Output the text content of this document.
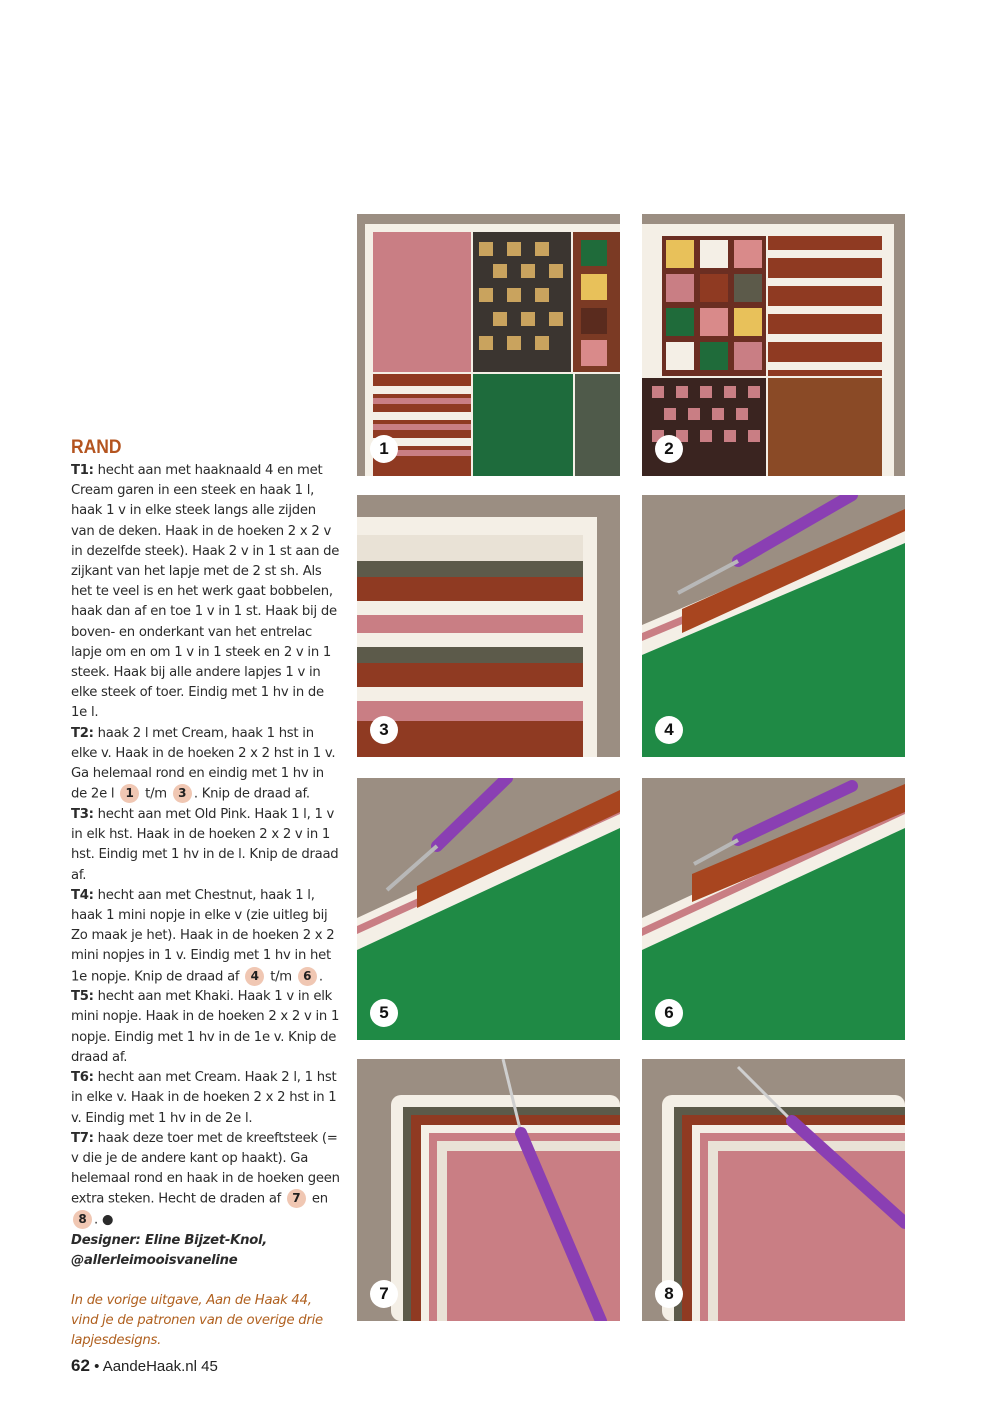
RAND

T1: hecht aan met haaknaald 4 en met Cream garen in een steek en haak 1 l, haak 1 v in elke steek langs alle zijden van de deken. Haak in de hoeken 2 x 2 v in dezelfde steek). Haak 2 v in 1 st aan de zijkant van het lapje met de 2 st sh. Als het te veel is en het werk gaat bobbelen, haak dan af en toe 1 v in 1 st. Haak bij de boven- en onderkant van het entrelac lapje om en om 1 v in 1 steek en 2 v in 1 steek. Haak bij alle andere lapjes 1 v in elke steek of toer. Eindig met 1 hv in de 1e l.

T2: haak 2 l met Cream, haak 1 hst in elke v. Haak in de hoeken 2 x 2 hst in 1 v. Ga helemaal rond en eindig met 1 hv in de 2e l 1 t/m 3 . Knip de draad af.

T3: hecht aan met Old Pink. Haak 1 l, 1 v in elk hst. Haak in de hoeken 2 x 2 v in 1 hst. Eindig met 1 hv in de l. Knip de draad af.

T4: hecht aan met Chestnut, haak 1 l, haak 1 mini nopje in elke v (zie uitleg bij Zo maak je het). Haak in de hoeken 2 x 2 mini nopjes in 1 v. Eindig met 1 hv in het 1e nopje. Knip de draad af 4 t/m 6 .

T5: hecht aan met Khaki. Haak 1 v in elk mini nopje. Haak in de hoeken 2 x 2 v in 1 nopje. Eindig met 1 hv in de 1e v. Knip de draad af.

T6: hecht aan met Cream. Haak 2 l, 1 hst in elke v. Haak in de hoeken 2 x 2 hst in 1 v. Eindig met 1 hv in de 2e l.

T7: haak deze toer met de kreeftsteek (= v die je de andere kant op haakt). Ga helemaal rond en haak in de hoeken geen extra steken. Hecht de draden af 7 en 8 . ●

Designer: Eline Bijzet-Knol,

@allerleimooisvaneline

In de vorige uitgave, Aan de Haak 44, vind je de patronen van de overige drie lapjesdesigns.

1	2
3	4
5	6
7	8
62 • AandeHaak.nl 45
